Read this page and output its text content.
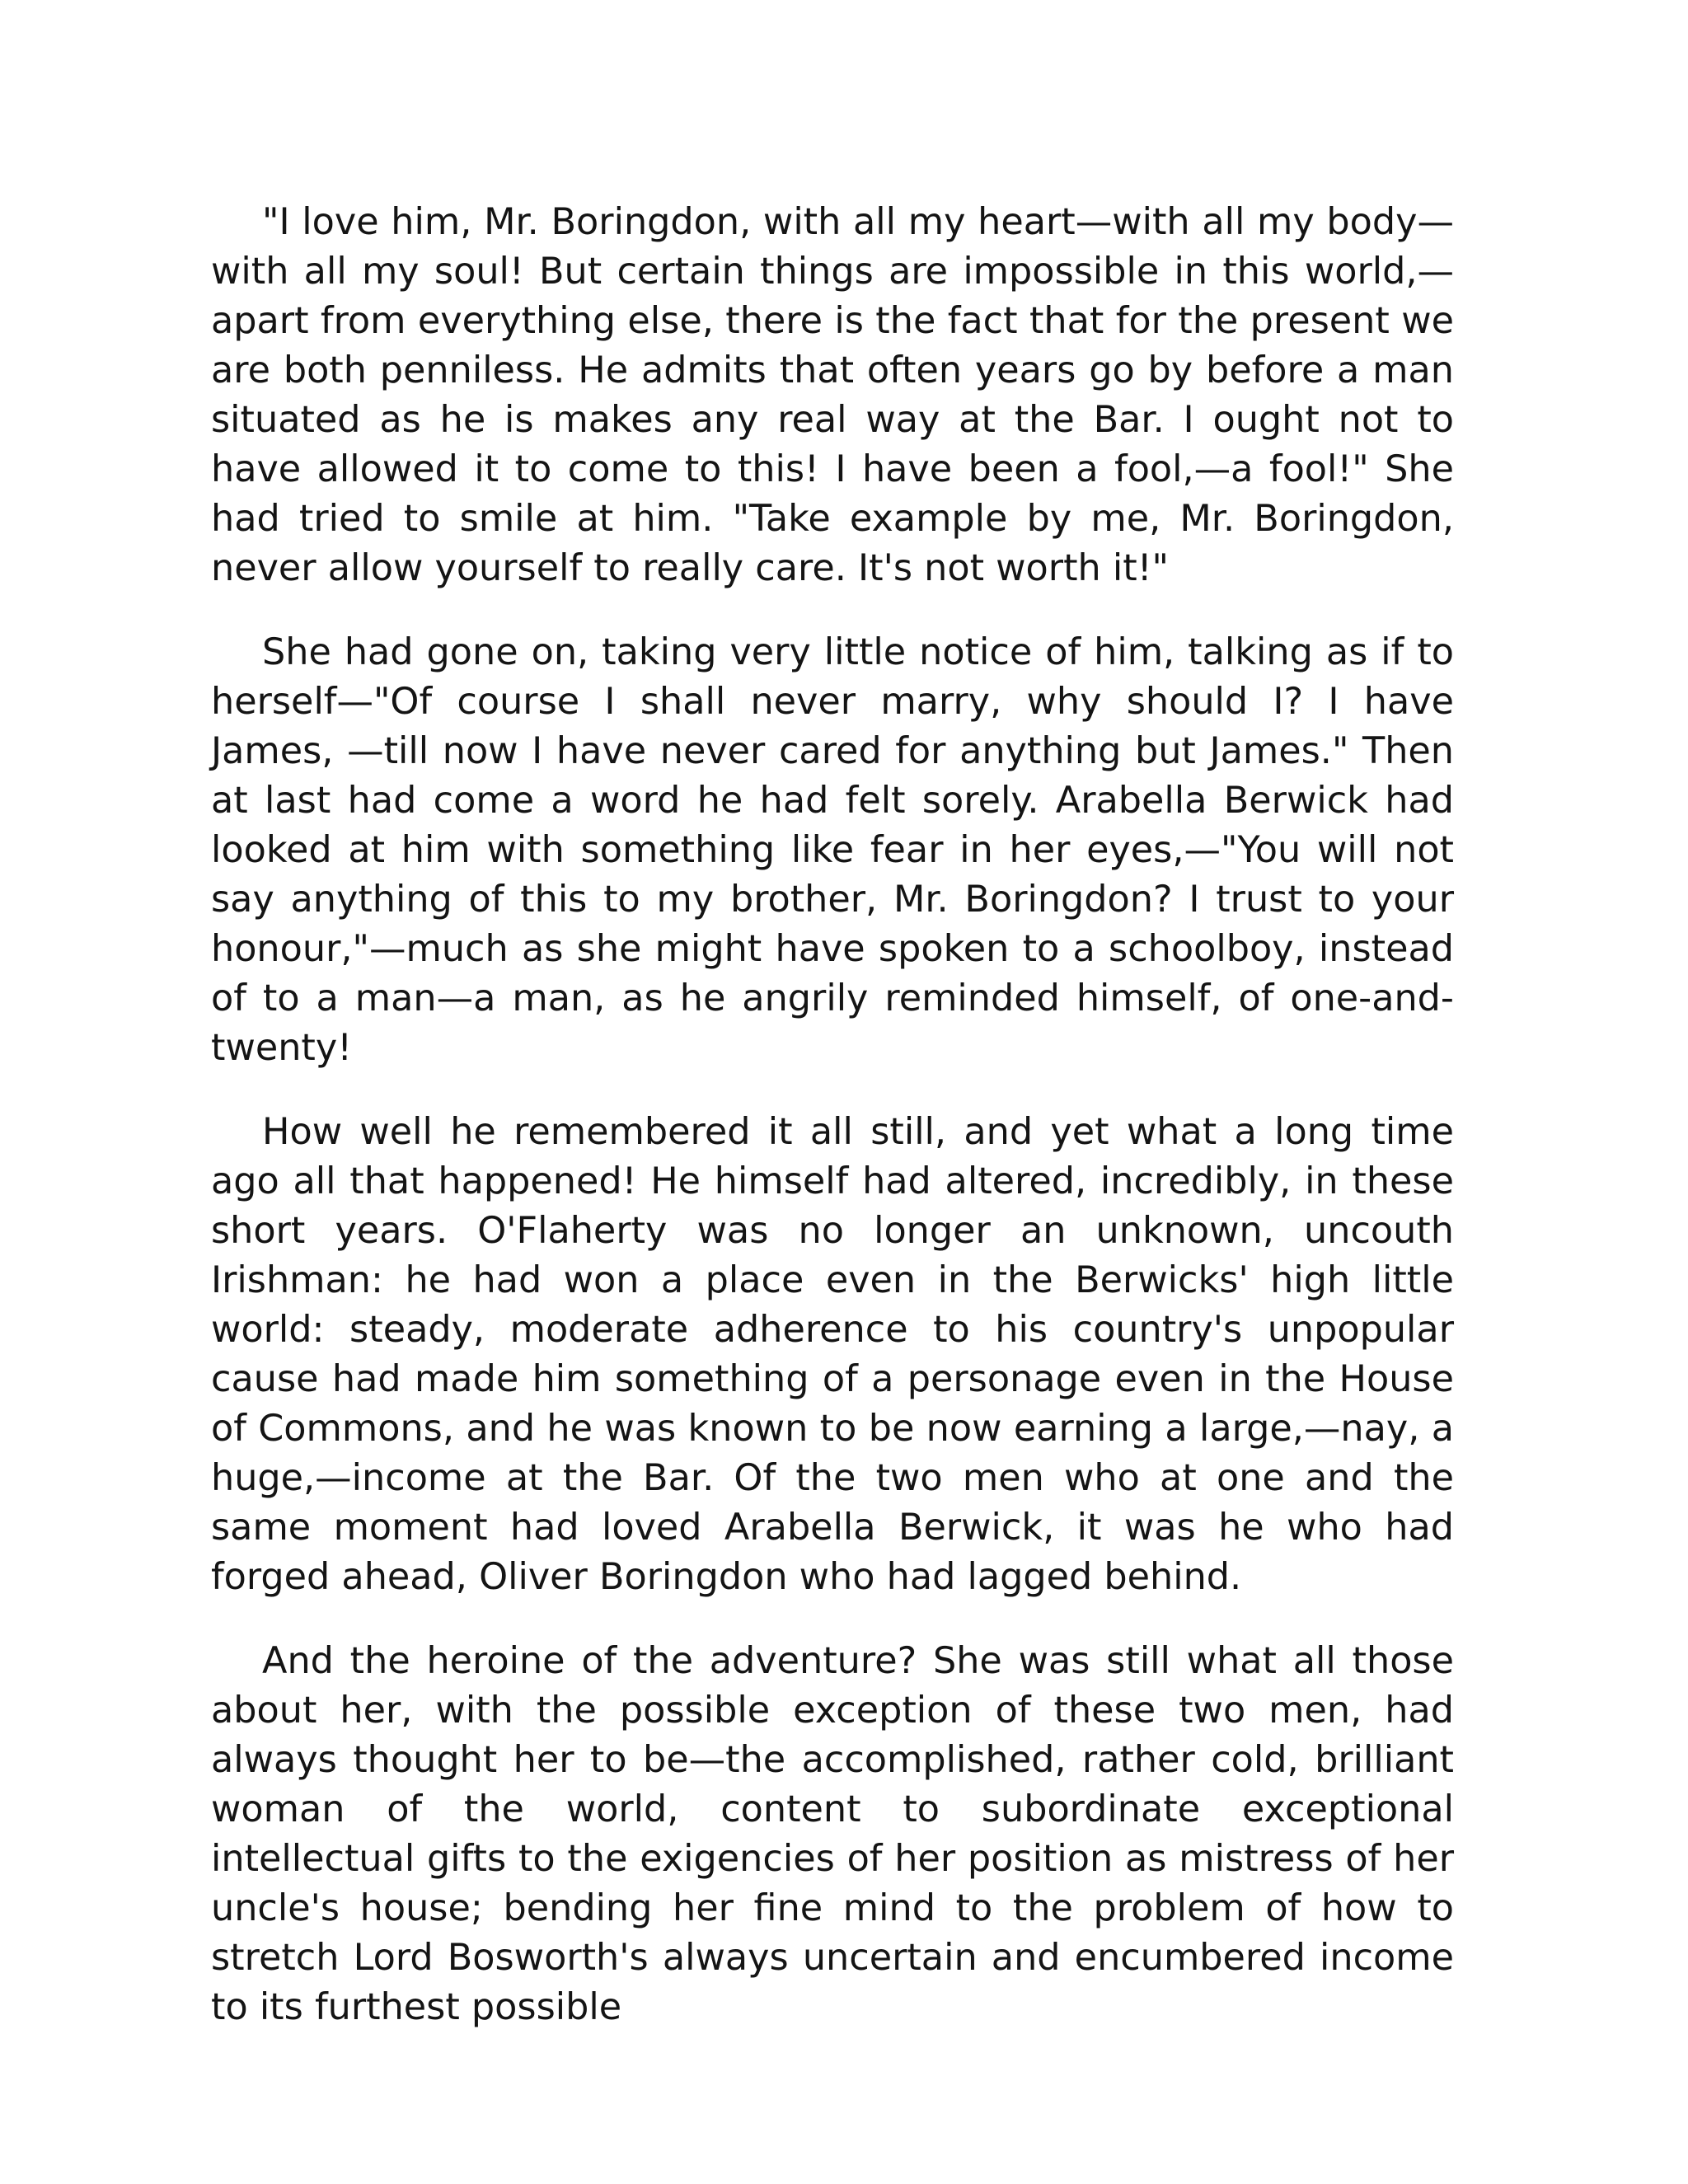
"I love him, Mr. Boringdon, with all my heart—with all my body—with all my soul! But certain things are impossible in this world,—apart from everything else, there is the fact that for the present we are both penniless. He admits that often years go by before a man situated as he is makes any real way at the Bar. I ought not to have allowed it to come to this! I have been a fool,—a fool!" She had tried to smile at him. "Take example by me, Mr. Boringdon, never allow yourself to really care. It's not worth it!"

She had gone on, taking very little notice of him, talking as if to herself—"Of course I shall never marry, why should I? I have James, —till now I have never cared for anything but James." Then at last had come a word he had felt sorely. Arabella Berwick had looked at him with something like fear in her eyes,—"You will not say anything of this to my brother, Mr. Boringdon? I trust to your honour,"—much as she might have spoken to a schoolboy, instead of to a man—a man, as he angrily reminded himself, of one-and-twenty!

How well he remembered it all still, and yet what a long time ago all that happened! He himself had altered, incredibly, in these short years. O'Flaherty was no longer an unknown, uncouth Irishman: he had won a place even in the Berwicks' high little world: steady, moderate adherence to his country's unpopular cause had made him something of a personage even in the House of Commons, and he was known to be now earning a large,—nay, a huge,—income at the Bar. Of the two men who at one and the same moment had loved Arabella Berwick, it was he who had forged ahead, Oliver Boringdon who had lagged behind.

And the heroine of the adventure? She was still what all those about her, with the possible exception of these two men, had always thought her to be—the accomplished, rather cold, brilliant woman of the world, content to subordinate exceptional intellectual gifts to the exigencies of her position as mistress of her uncle's house; bending her fine mind to the problem of how to stretch Lord Bosworth's always uncertain and encumbered income to its furthest possible
